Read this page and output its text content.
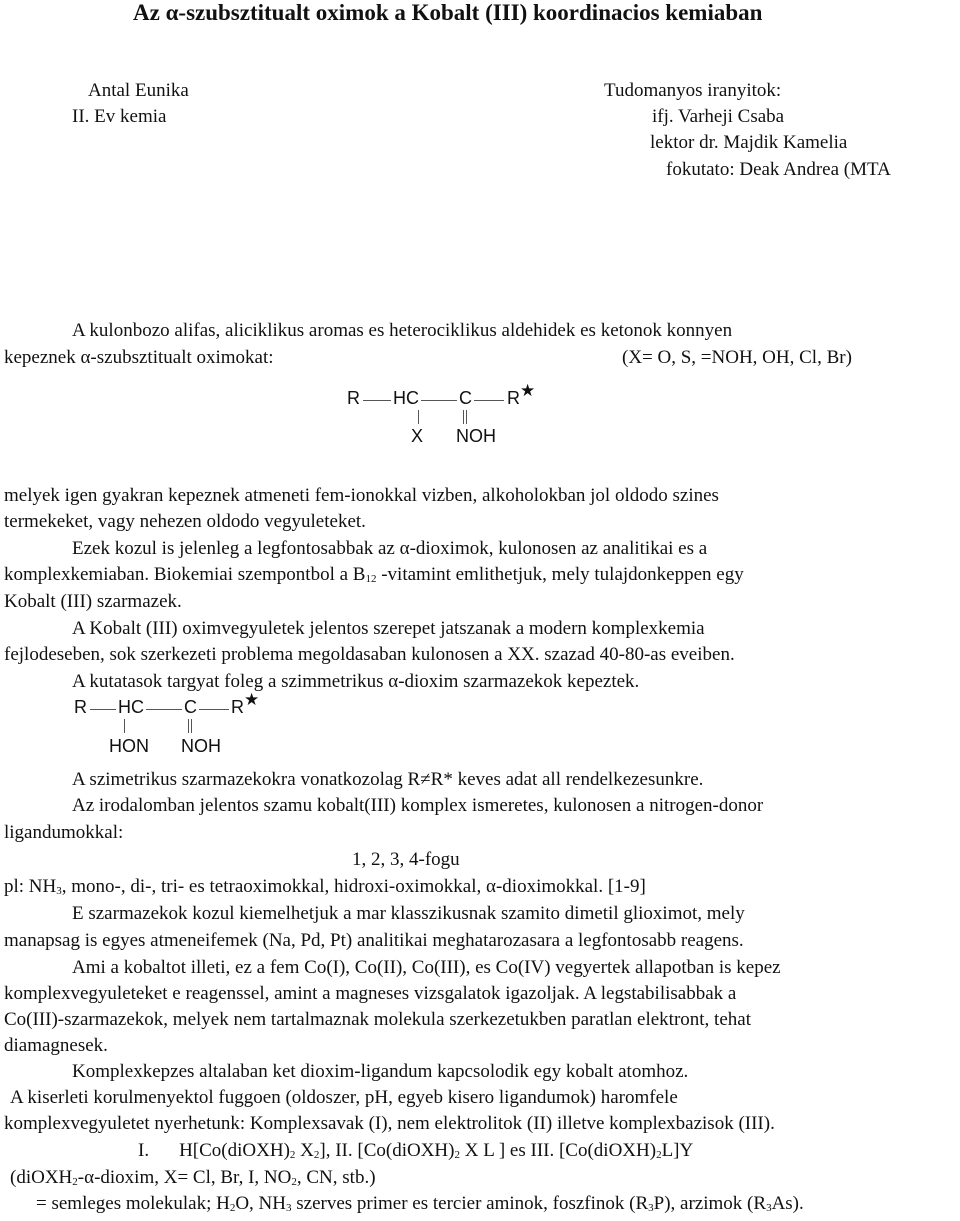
Az α-szubsztitualt oximok a Kobalt (III) koordinacios kemiaban
Antal Eunika
II. Ev kemia
Tudomanyos iranyitok:
ifj. Varheji Csaba
lektor dr. Majdik Kamelia
fokutato: Deak Andrea (MTA
A kulonbozo alifas, aliciklikus aromas es heterociklikus aldehidek es ketonok konnyen
kepeznek α-szubsztitualt oximokat:	(X= O, S, =NOH, OH, Cl, Br)
R HC C R★
X NOH
melyek igen gyakran kepeznek atmeneti fem-ionokkal vizben, alkoholokban jol oldodo szines
termekeket, vagy nehezen oldodo vegyuleteket.
Ezek kozul is jelenleg a legfontosabbak az α-dioximok, kulonosen az analitikai es a
komplexkemiaban. Biokemiai szempontbol a $B_{12}$ -vitamint emlithetjuk, mely tulajdonkeppen egy
Kobalt (III) szarmazek.
A Kobalt (III) oximvegyuletek jelentos szerepet jatszanak a modern komplexkemia
fejlodeseben, sok szerkezeti problema megoldasaban kulonosen a XX. szazad 40-80-as eveiben.
A kutatasok targyat foleg a szimmetrikus α-dioxim szarmazekok kepeztek.
R HC C R★
HON NOH
A szimetrikus szarmazekokra vonatkozolag R≠R* keves adat all rendelkezesunkre.
Az irodalomban jelentos szamu kobalt(III) komplex ismeretes, kulonosen a nitrogen-donor
ligandumokkal:
1, 2, 3, 4-fogu
pl: $NH_3$, mono-, di-, tri- es tetraoximokkal, hidroxi-oximokkal, α-dioximokkal. [1-9]
E szarmazekok kozul kiemelhetjuk a mar klasszikusnak szamito dimetil glioximot, mely
manapsag is egyes atmeneifemek (Na, Pd, Pt) analitikai meghatarozasara a legfontosabb reagens.
Ami a kobaltot illeti, ez a fem Co(I), Co(II), Co(III), es Co(IV) vegyertek allapotban is kepez
komplexvegyuleteket e reagenssel, amint a magneses vizsgalatok igazoljak. A legstabilisabbak a
Co(III)-szarmazekok, melyek nem tartalmaznak molekula szerkezetukben paratlan elektront, tehat
diamagnesek.
Komplexkepzes altalaban ket dioxim-ligandum kapcsolodik egy kobalt atomhoz.
A kiserleti korulmenyektol fuggoen (oldoszer, pH, egyeb kisero ligandumok) haromfele
komplexvegyuletet nyerhetunk: Komplexsavak (I), nem elektrolitok (II) illetve komplexbazisok (III).
I. H[Co(diOXH)2 X2], II. [Co(diOXH)2 X L ] es III. [Co(diOXH)2L]Y
(diOXH2-α-dioxim, X= Cl, Br, I, NO2, CN, stb.)
= semleges molekulak; H2O, NH3 szerves primer es tercier aminok, foszfinok (R3P), arzimok (R3As).
